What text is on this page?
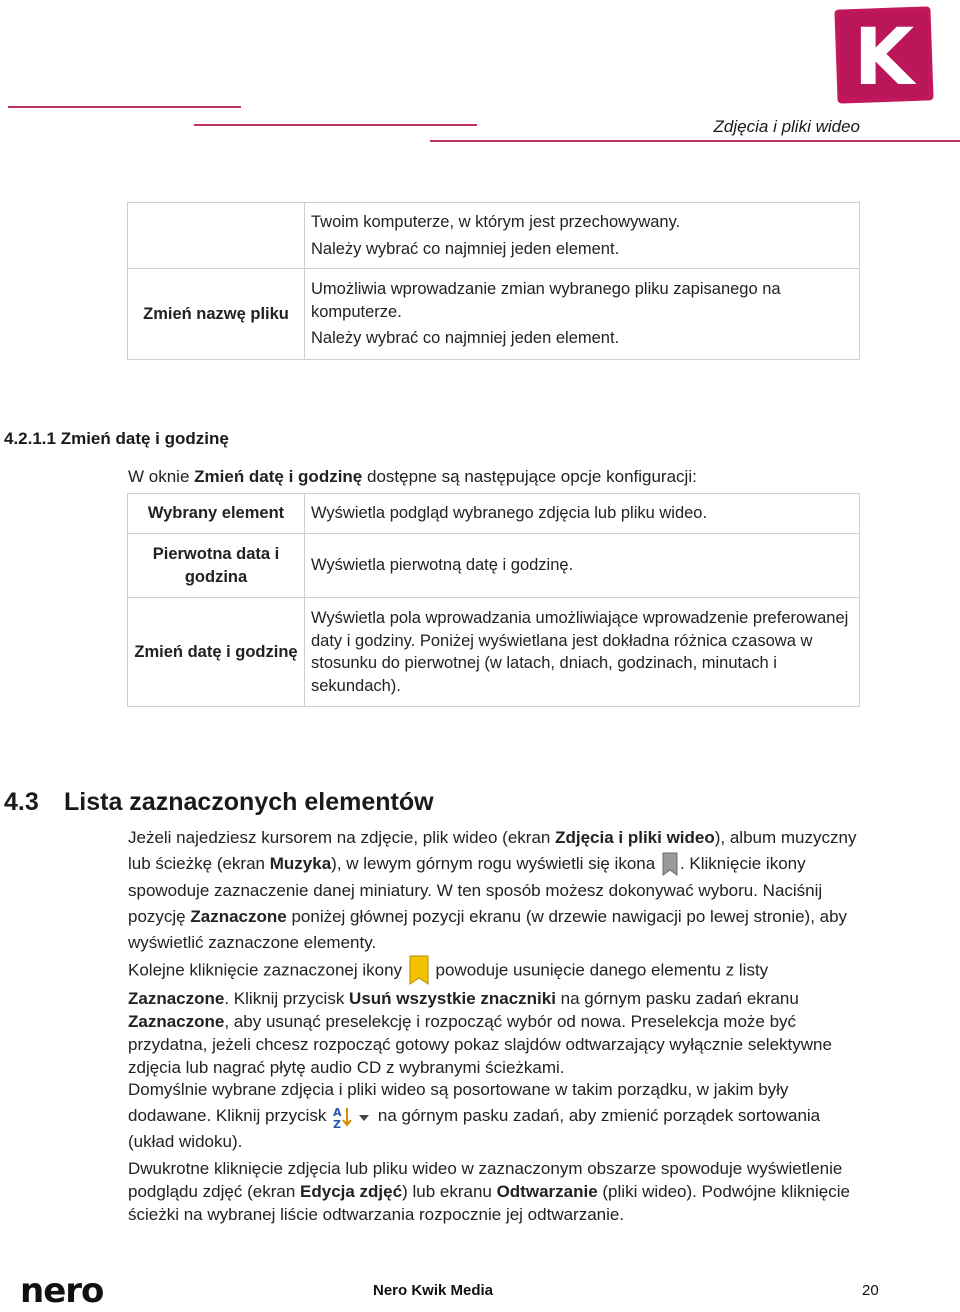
Zdjęcia i pliki wideo
K

	Twoim komputerze, w którym jest przechowywany.

Należy wybrać co najmniej jeden element.

Zmień nazwę pliku	Umożliwia wprowadzanie zmian wybranego pliku zapisanego na komputerze.

Należy wybrać co najmniej jeden element.

4.2.1.1 Zmień datę i godzinę
W oknie Zmień datę i godzinę dostępne są następujące opcje konfiguracji:
Wybrany element	Wyświetla podgląd wybranego zdjęcia lub pliku wideo.
Pierwotna data i godzina	Wyświetla pierwotną datę i godzinę.
Zmień datę i godzinę	Wyświetla pola wprowadzania umożliwiające wprowadzenie preferowanej daty i godziny. Poniżej wyświetlana jest dokładna różnica czasowa w stosunku do pierwotnej (w latach, dniach, godzinach, minutach i sekundach).
4.3 Lista zaznaczonych elementów

Jeżeli najedziesz kursorem na zdjęcie, plik wideo (ekran Zdjęcia i pliki wideo), album muzyczny lub ścieżkę (ekran Muzyka), w lewym górnym rogu wyświetli się ikona . Kliknięcie ikony spowoduje zaznaczenie danej miniatury. W ten sposób możesz dokonywać wyboru. Naciśnij pozycję Zaznaczone poniżej głównej pozycji ekranu (w drzewie nawigacji po lewej stronie), aby wyświetlić zaznaczone elementy.

Kolejne kliknięcie zaznaczonej ikony powoduje usunięcie danego elementu z listy Zaznaczone. Kliknij przycisk Usuń wszystkie znaczniki na górnym pasku zadań ekranu Zaznaczone, aby usunąć preselekcję i rozpocząć wybór od nowa. Preselekcja może być przydatna, jeżeli chcesz rozpocząć gotowy pokaz slajdów odtwarzający wyłącznie selektywne zdjęcia lub nagrać płytę audio CD z wybranymi ścieżkami.

Domyślnie wybrane zdjęcia i pliki wideo są posortowane w takim porządku, w jakim były dodawane. Kliknij przycisk A
Z na górnym pasku zadań, aby zmienić porządek sortowania (układ widoku).

Dwukrotne kliknięcie zdjęcia lub pliku wideo w zaznaczonym obszarze spowoduje wyświetlenie podglądu zdjęć (ekran Edycja zdjęć) lub ekranu Odtwarzanie (pliki wideo). Podwójne kliknięcie ścieżki na wybranej liście odtwarzania rozpocznie jej odtwarzanie.

nero	Nero Kwik Media	20
